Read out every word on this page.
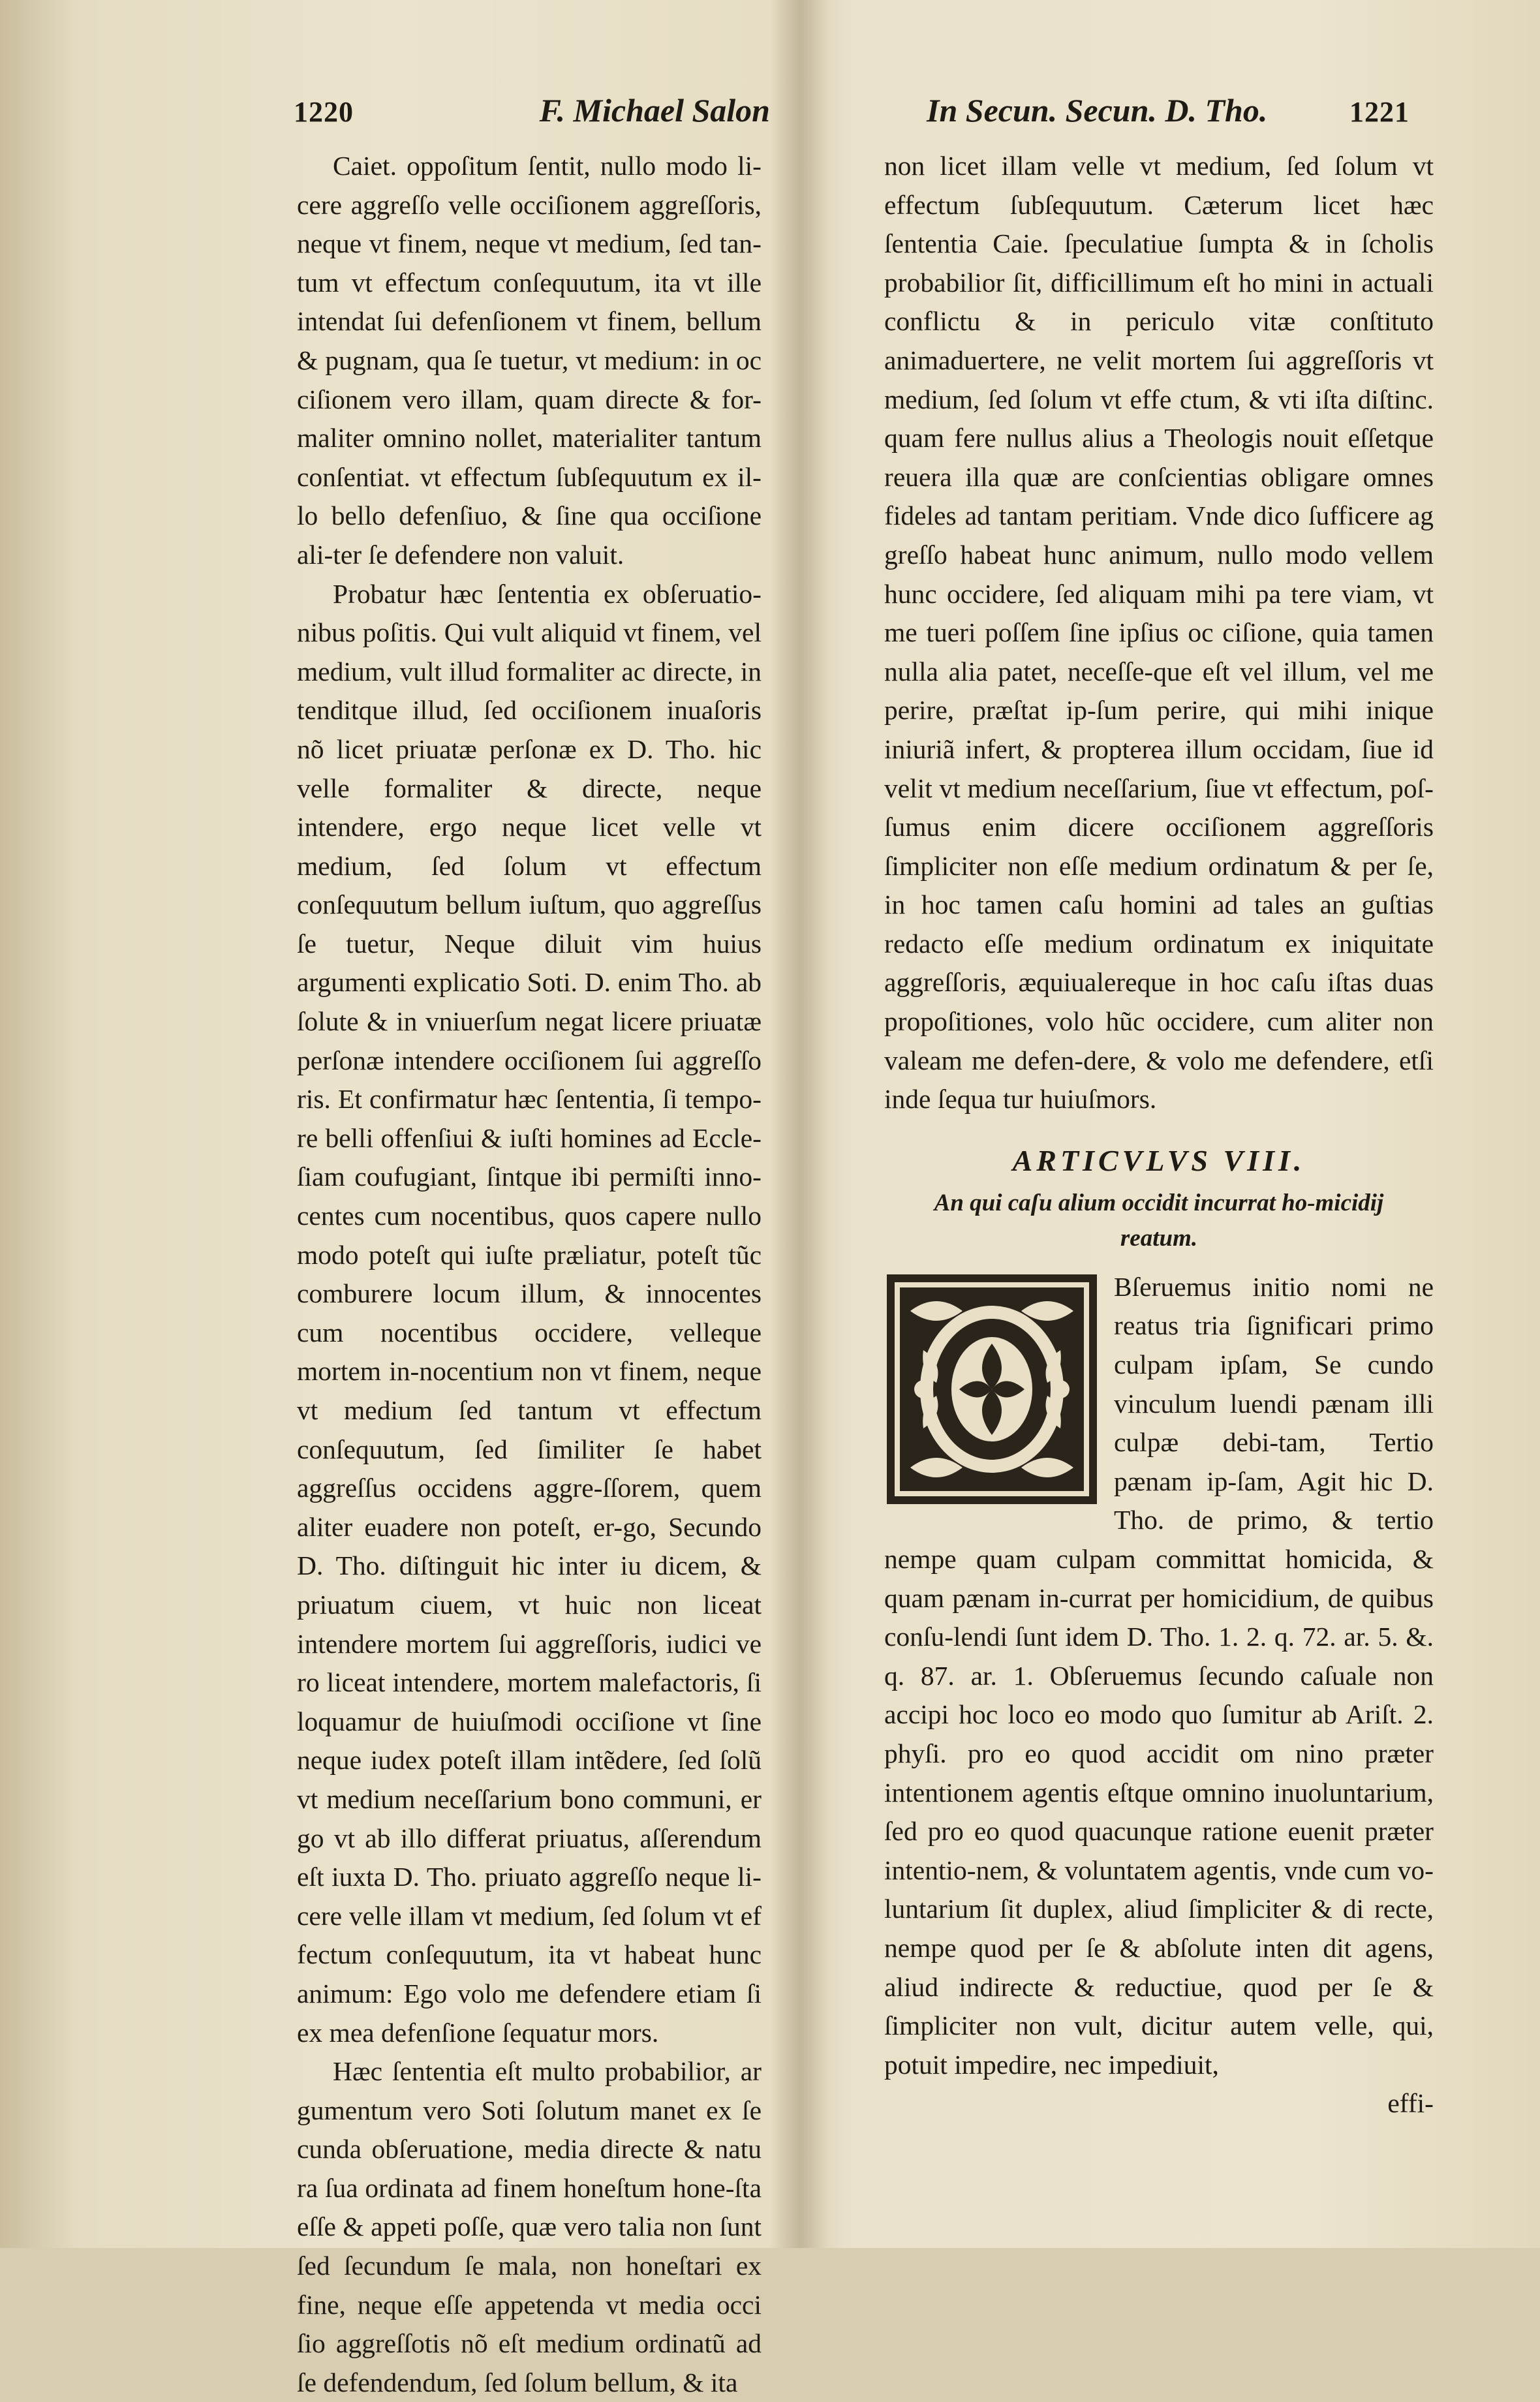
1220	F. Michael Salon	In Secun. Secun. D. Tho.	1221

Caiet. oppoſitum ſentit, nullo modo li-cere aggreſſo velle occiſionem aggreſſoris, neque vt finem, neque vt medium, ſed tan-tum vt effectum conſequutum, ita vt ille intendat ſui defenſionem vt finem, bellum & pugnam, qua ſe tuetur, vt medium: in oc ciſionem vero illam, quam directe & for-maliter omnino nollet, materialiter tantum conſentiat. vt effectum ſubſequutum ex il-lo bello defenſiuo, & ſine qua occiſione ali-ter ſe defendere non valuit.

Probatur hæc ſententia ex obſeruatio-nibus poſitis. Qui vult aliquid vt finem, vel medium, vult illud formaliter ac directe, in tenditque illud, ſed occiſionem inuaſoris nõ licet priuatæ perſonæ ex D. Tho. hic velle formaliter & directe, neque intendere, ergo neque licet velle vt medium, ſed ſolum vt effectum conſequutum bellum iuſtum, quo aggreſſus ſe tuetur, Neque diluit vim huius argumenti explicatio Soti. D. enim Tho. ab ſolute & in vniuerſum negat licere priuatæ perſonæ intendere occiſionem ſui aggreſſo ris. Et confirmatur hæc ſententia, ſi tempo-re belli offenſiui & iuſti homines ad Eccle-ſiam coufugiant, ſintque ibi permiſti inno-centes cum nocentibus, quos capere nullo modo poteſt qui iuſte præliatur, poteſt tũc comburere locum illum, & innocentes cum nocentibus occidere, velleque mortem in-nocentium non vt finem, neque vt medium ſed tantum vt effectum conſequutum, ſed ſimiliter ſe habet aggreſſus occidens aggre-ſſorem, quem aliter euadere non poteſt, er-go, Secundo D. Tho. diſtinguit hic inter iu dicem, & priuatum ciuem, vt huic non liceat intendere mortem ſui aggreſſoris, iudici ve ro liceat intendere, mortem malefactoris, ſi loquamur de huiuſmodi occiſione vt ſine neque iudex poteſt illam intẽdere, ſed ſolũ vt medium neceſſarium bono communi, er go vt ab illo differat priuatus, aſſerendum eſt iuxta D. Tho. priuato aggreſſo neque li-cere velle illam vt medium, ſed ſolum vt ef fectum conſequutum, ita vt habeat hunc animum: Ego volo me defendere etiam ſi ex mea defenſione ſequatur mors.

Hæc ſententia eſt multo probabilior, ar gumentum vero Soti ſolutum manet ex ſe cunda obſeruatione, media directe & natu ra ſua ordinata ad finem honeſtum hone-ſta eſſe & appeti poſſe, quæ vero talia non ſunt ſed ſecundum ſe mala, non honeſtari ex fine, neque eſſe appetenda vt media occi ſio aggreſſotis nõ eſt medium ordinatũ ad ſe defendendum, ſed ſolum bellum, & ita

non licet illam velle vt medium, ſed ſolum vt effectum ſubſequutum. Cæterum licet hæc ſententia Caie. ſpeculatiue ſumpta & in ſcholis probabilior ſit, difficillimum eſt ho mini in actuali conflictu & in periculo vitæ conſtituto animaduertere, ne velit mortem ſui aggreſſoris vt medium, ſed ſolum vt effe ctum, & vti iſta diſtinc. quam fere nullus alius a Theologis nouit eſſetque reuera illa quæ are conſcientias obligare omnes fideles ad tantam peritiam. Vnde dico ſufficere ag greſſo habeat hunc animum, nullo modo vellem hunc occidere, ſed aliquam mihi pa tere viam, vt me tueri poſſem ſine ipſius oc ciſione, quia tamen nulla alia patet, neceſſe-que eſt vel illum, vel me perire, præſtat ip-ſum perire, qui mihi inique iniuriã infert, & propterea illum occidam, ſiue id velit vt medium neceſſarium, ſiue vt effectum, poſ-ſumus enim dicere occiſionem aggreſſoris ſimpliciter non eſſe medium ordinatum & per ſe, in hoc tamen caſu homini ad tales an guſtias redacto eſſe medium ordinatum ex iniquitate aggreſſoris, æquiualereque in hoc caſu iſtas duas propoſitiones, volo hũc occidere, cum aliter non valeam me defen-dere, & volo me defendere, etſi inde ſequa tur huiuſmors.

ARTICVLVS VIII.
An qui caſu alium occidit incurrat ho-micidij reatum.

Bſeruemus initio nomi ne reatus tria ſignificari primo culpam ipſam, Se cundo vinculum luendi pænam illi culpæ debi-tam, Tertio pænam ip-ſam, Agit hic D. Tho. de primo, & tertio nempe quam culpam committat homicida, & quam pænam in-currat per homicidium, de quibus conſu-lendi ſunt idem D. Tho. 1. 2. q. 72. ar. 5. &. q. 87. ar. 1. Obſeruemus ſecundo caſuale non accipi hoc loco eo modo quo ſumitur ab Ariſt. 2. phyſi. pro eo quod accidit om nino præter intentionem agentis eſtque omnino inuoluntarium, ſed pro eo quod quacunque ratione euenit præter intentio-nem, & voluntatem agentis, vnde cum vo-luntarium ſit duplex, aliud ſimpliciter & di recte, nempe quod per ſe & abſolute inten dit agens, aliud indirecte & reductiue, quod per ſe & ſimpliciter non vult, dicitur autem velle, qui, potuit impedire, nec impediuit,

effi-
